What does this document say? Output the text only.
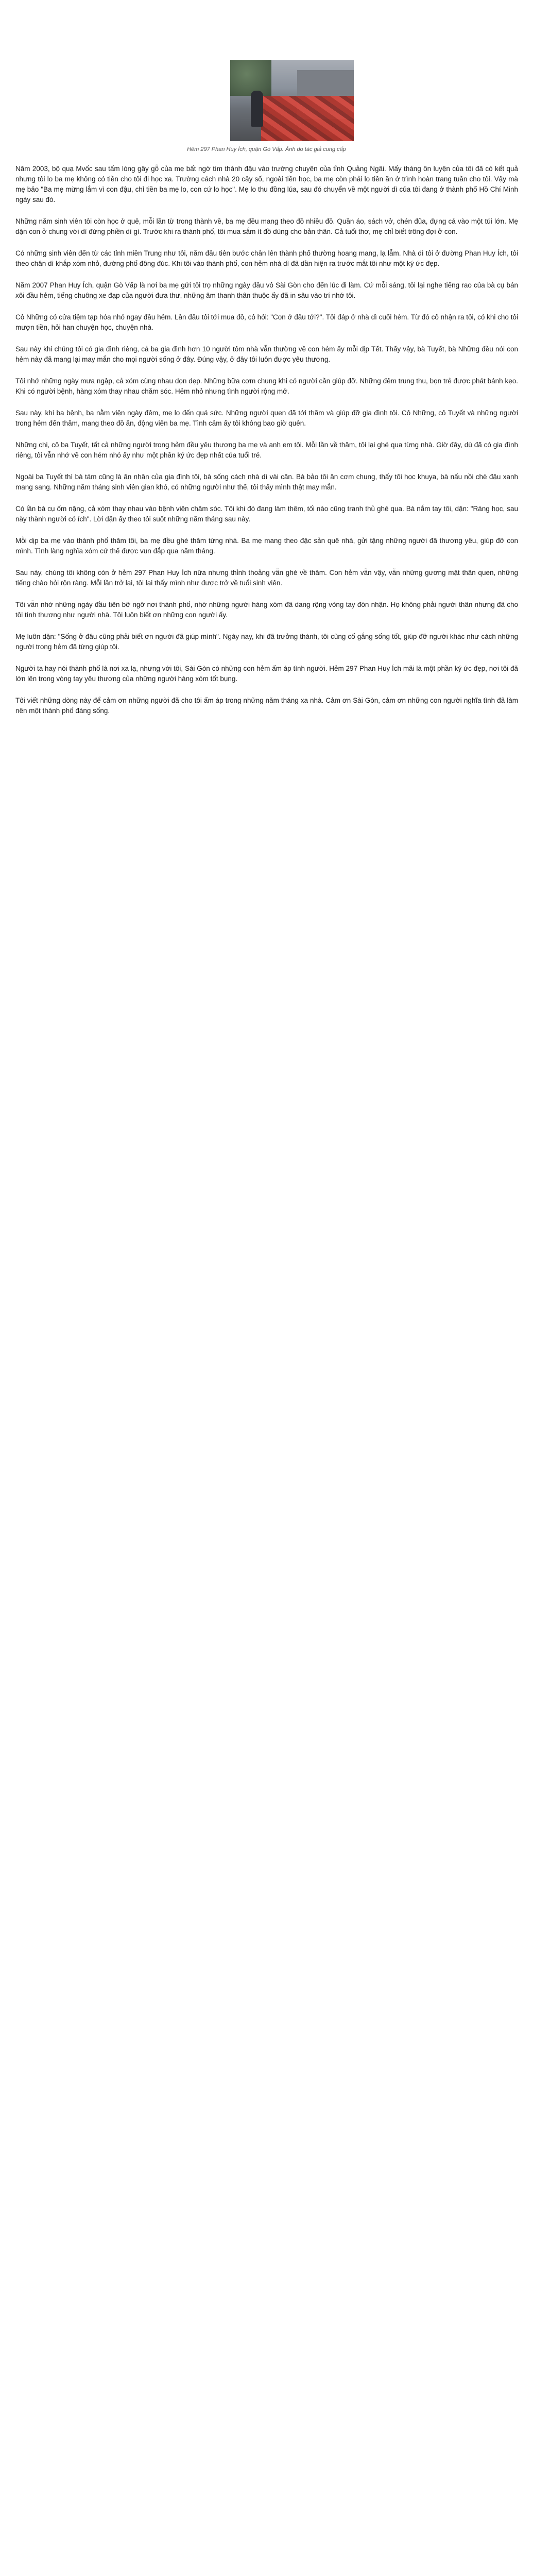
Hêm 297 Phan Huy Ích, quận Gò Vấp. Ảnh do tác giả cung cấp

Năm 2003, bộ quạ Mvốc sau tấm lòng gây gỗ của mẹ bất ngờ tìm thành đậu vào trường chuyên của tỉnh Quảng Ngãi. Mấy tháng ôn luyện của tôi đã có kết quả nhưng tôi lo ba mẹ không có tiền cho tôi đi học xa. Trường cách nhà 20 cây số, ngoài tiền học, ba mẹ còn phải lo tiền ăn ở trình hoàn trang tuần cho tôi. Vậy mà mẹ bảo "Ba mẹ mừng lắm vì con đậu, chỉ tiền ba mẹ lo, con cứ lo học". Mẹ lo thu đồng lúa, sau đó chuyển về một người dì của tôi đang ở thành phố Hồ Chí Minh ngày sau đó.

Những năm sinh viên tôi còn học ở quê, mỗi lần từ trong thành về, ba mẹ đều mang theo đồ nhiều đồ. Quần áo, sách vở, chén đũa, đựng cả vào một túi lớn. Mẹ dặn con ở chung với dì đừng phiền dì gì. Trước khi ra thành phố, tôi mua sắm ít đồ dùng cho bản thân. Cả tuổi thơ, mẹ chỉ biết trông đợi ở con.

Có những sinh viên đến từ các tỉnh miền Trung như tôi, năm đầu tiên bước chân lên thành phố thường hoang mang, lạ lẫm. Nhà dì tôi ở đường Phan Huy Ích, tôi theo chân dì khắp xóm nhỏ, đường phố đông đúc. Khi tôi vào thành phố, con hẻm nhà dì đã dần hiện ra trước mắt tôi như một ký ức đẹp.

Năm 2007 Phan Huy Ích, quận Gò Vấp là nơi ba mẹ gửi tôi trọ những ngày đầu vô Sài Gòn cho đến lúc đi làm. Cứ mỗi sáng, tôi lại nghe tiếng rao của bà cụ bán xôi đầu hẻm, tiếng chuông xe đạp của người đưa thư, những âm thanh thân thuộc ấy đã in sâu vào trí nhớ tôi.

Cô Những có cửa tiệm tạp hóa nhỏ ngay đầu hẻm. Lần đầu tôi tới mua đồ, cô hỏi: "Con ở đâu tới?". Tôi đáp ở nhà dì cuối hẻm. Từ đó cô nhận ra tôi, có khi cho tôi mượn tiền, hỏi han chuyện học, chuyện nhà.

Sau này khi chúng tôi có gia đình riêng, cả ba gia đình hơn 10 người tôm nhà vẫn thường về con hẻm ấy mỗi dịp Tết. Thấy vậy, bà Tuyết, bà Những đều nói con hẻm này đã mang lại may mắn cho mọi người sống ở đây. Đúng vậy, ở đây tôi luôn được yêu thương.

Tôi nhớ những ngày mưa ngập, cả xóm cùng nhau dọn dẹp. Những bữa cơm chung khi có người cần giúp đỡ. Những đêm trung thu, bọn trẻ được phát bánh kẹo. Khi có người bệnh, hàng xóm thay nhau chăm sóc. Hẻm nhỏ nhưng tình người rộng mở.

Sau này, khi ba bệnh, ba nằm viện ngày đêm, mẹ lo đến quá sức. Những người quen đã tới thăm và giúp đỡ gia đình tôi. Cô Những, cô Tuyết và những người trong hẻm đến thăm, mang theo đồ ăn, động viên ba mẹ. Tình cảm ấy tôi không bao giờ quên.

Những chị, cô ba Tuyết, tất cả những người trong hẻm đều yêu thương ba mẹ và anh em tôi. Mỗi lần về thăm, tôi lại ghé qua từng nhà. Giờ đây, dù đã có gia đình riêng, tôi vẫn nhớ về con hẻm nhỏ ấy như một phần ký ức đẹp nhất của tuổi trẻ.

Ngoài ba Tuyết thì bà tám cũng là ân nhân của gia đình tôi, bà sống cách nhà dì vài căn. Bà bảo tôi ăn cơm chung, thấy tôi học khuya, bà nấu nồi chè đậu xanh mang sang. Những năm tháng sinh viên gian khó, có những người như thế, tôi thấy mình thật may mắn.

Có lần bà cụ ốm nặng, cả xóm thay nhau vào bệnh viện chăm sóc. Tôi khi đó đang làm thêm, tối nào cũng tranh thủ ghé qua. Bà nắm tay tôi, dặn: "Ráng học, sau này thành người có ích". Lời dặn ấy theo tôi suốt những năm tháng sau này.

Mỗi dịp ba mẹ vào thành phố thăm tôi, ba mẹ đều ghé thăm từng nhà. Ba mẹ mang theo đặc sản quê nhà, gửi tặng những người đã thương yêu, giúp đỡ con mình. Tình làng nghĩa xóm cứ thế được vun đắp qua năm tháng.

Sau này, chúng tôi không còn ở hẻm 297 Phan Huy Ích nữa nhưng thỉnh thoảng vẫn ghé về thăm. Con hẻm vẫn vậy, vẫn những gương mặt thân quen, những tiếng chào hỏi rộn ràng. Mỗi lần trở lại, tôi lại thấy mình như được trở về tuổi sinh viên.

Tôi vẫn nhớ những ngày đầu tiên bỡ ngỡ nơi thành phố, nhớ những người hàng xóm đã dang rộng vòng tay đón nhận. Họ không phải người thân nhưng đã cho tôi tình thương như người nhà. Tôi luôn biết ơn những con người ấy.

Mẹ luôn dặn: "Sống ở đâu cũng phải biết ơn người đã giúp mình". Ngày nay, khi đã trưởng thành, tôi cũng cố gắng sống tốt, giúp đỡ người khác như cách những người trong hẻm đã từng giúp tôi.

Người ta hay nói thành phố là nơi xa lạ, nhưng với tôi, Sài Gòn có những con hẻm ấm áp tình người. Hẻm 297 Phan Huy Ích mãi là một phần ký ức đẹp, nơi tôi đã lớn lên trong vòng tay yêu thương của những người hàng xóm tốt bụng.

Tôi viết những dòng này để cảm ơn những người đã cho tôi ấm áp trong những năm tháng xa nhà. Cảm ơn Sài Gòn, cảm ơn những con người nghĩa tình đã làm nên một thành phố đáng sống.
